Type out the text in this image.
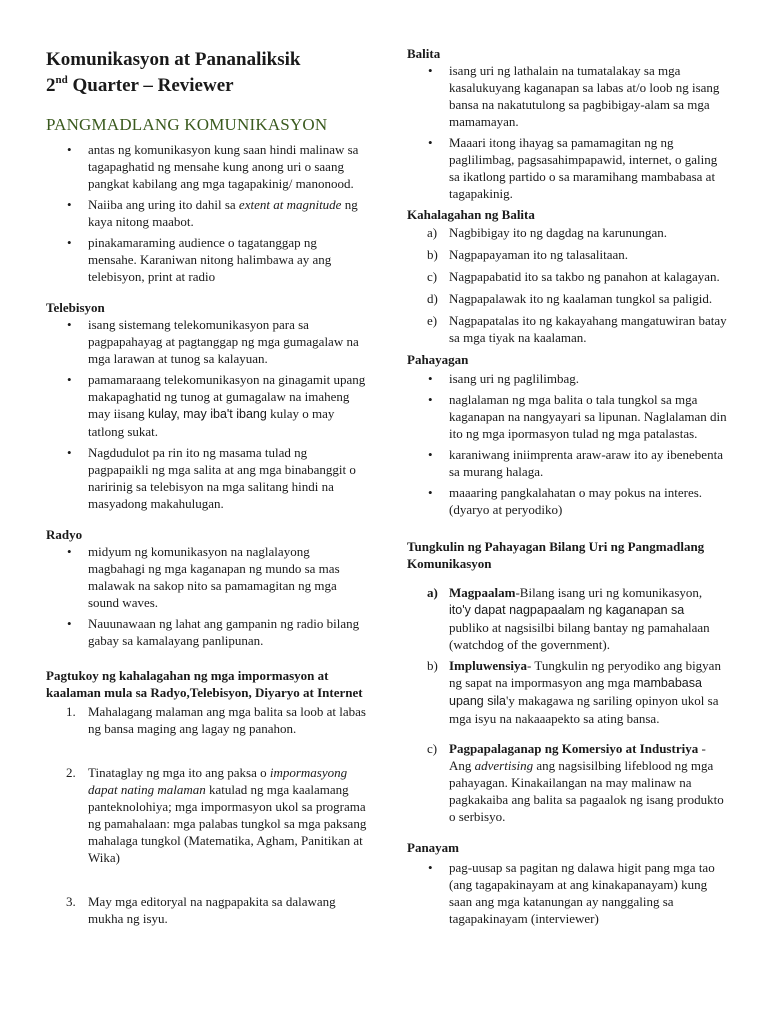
Komunikasyon at Pananaliksik
2nd Quarter – Reviewer
PANGMADLANG KOMUNIKASYON
• antas ng komunikasyon kung saan hindi malinaw sa tagapaghatid ng mensahe kung anong uri o saang pangkat kabilang ang mga tagapakinig/ manonood.
• Naiiba ang uring ito dahil sa extent at magnitude ng kaya nitong maabot.
• pinakamaraming audience o tagatanggap ng mensahe. Karaniwan nitong halimbawa ay ang telebisyon, print at radio
Telebisyon
• isang sistemang telekomunikasyon para sa pagpapahayag at pagtanggap ng mga gumagalaw na mga larawan at tunog sa kalayuan.
• pamamaraang telekomunikasyon na ginagamit upang makapaghatid ng tunog at gumagalaw na imaheng may iisang kulay, may iba't ibang kulay o may tatlong sukat.
• Nagdudulot pa rin ito ng masama tulad ng pagpapaikli ng mga salita at ang mga binabanggit o naririnig sa telebisyon na mga salitang hindi na masyadong makahulugan.
Radyo
• midyum ng komunikasyon na naglalayong magbahagi ng mga kaganapan ng mundo sa mas malawak na sakop nito sa pamamagitan ng mga sound waves.
• Nauunawaan ng lahat ang gampanin ng radio bilang gabay sa kamalayang panlipunan.
Pagtukoy ng kahalagahan ng mga impormasyon at kaalaman mula sa Radyo,Telebisyon, Diyaryo at Internet
1. Mahalagang malaman ang mga balita sa loob at labas ng bansa maging ang lagay ng panahon.
2. Tinataglay ng mga ito ang paksa o impormasyong dapat nating malaman katulad ng mga kaalamang panteknolohiya; mga impormasyon ukol sa programa ng pamahalaan: mga palabas tungkol sa mga paksang mahalaga tungkol (Matematika, Agham, Panitikan at Wika)
3. May mga editoryal na nagpapakita sa dalawang mukha ng isyu.
Balita
• isang uri ng lathalain na tumatalakay sa mga kasalukuyang kaganapan sa labas at/o loob ng isang bansa na nakatutulong sa pagbibigay-alam sa mga mamamayan.
• Maaari itong ihayag sa pamamagitan ng ng paglilimbag, pagsasahimpapawid, internet, o galing sa ikatlong partido o sa maramihang mambabasa at tagapakinig.
Kahalagahan ng Balita
a) Nagbibigay ito ng dagdag na karunungan.
b) Nagpapayaman ito ng talasalitaan.
c) Nagpapabatid ito sa takbo ng panahon at kalagayan.
d) Nagpapalawak ito ng kaalaman tungkol sa paligid.
e) Nagpapatalas ito ng kakayahang mangatuwiran batay sa mga tiyak na kaalaman.
Pahayagan
• isang uri ng paglilimbag.
• naglalaman ng mga balita o tala tungkol sa mga kaganapan na nangyayari sa lipunan. Naglalaman din ito ng mga ipormasyon tulad ng mga patalastas.
• karaniwang iniimprenta araw-araw ito ay ibenebenta sa murang halaga.
• maaaring pangkalahatan o may pokus na interes. (dyaryo at peryodiko)
Tungkulin ng Pahayagan Bilang Uri ng Pangmadlang Komunikasyon
a) Magpaalam-Bilang isang uri ng komunikasyon, ito'y dapat nagpapaalam ng kaganapan sa publiko at nagsisilbi bilang bantay ng pamahalaan (watchdog of the government).
b) Impluwensiya- Tungkulin ng peryodiko ang bigyan ng sapat na impormasyon ang mga mambabasa upang sila'y makagawa ng sariling opinyon ukol sa mga isyu na nakaaapekto sa ating bansa.
c) Pagpapalaganap ng Komersiyo at Industriya - Ang advertising ang nagsisilbing lifeblood ng mga pahayagan. Kinakailangan na may malinaw na pagkakaiba ang balita sa pagaalok ng isang produkto o serbisyo.
Panayam
• pag-uusap sa pagitan ng dalawa higit pang mga tao (ang tagapakinayam at ang kinakapanayam) kung saan ang mga katanungan ay nanggaling sa tagapakinayam (interviewer)
